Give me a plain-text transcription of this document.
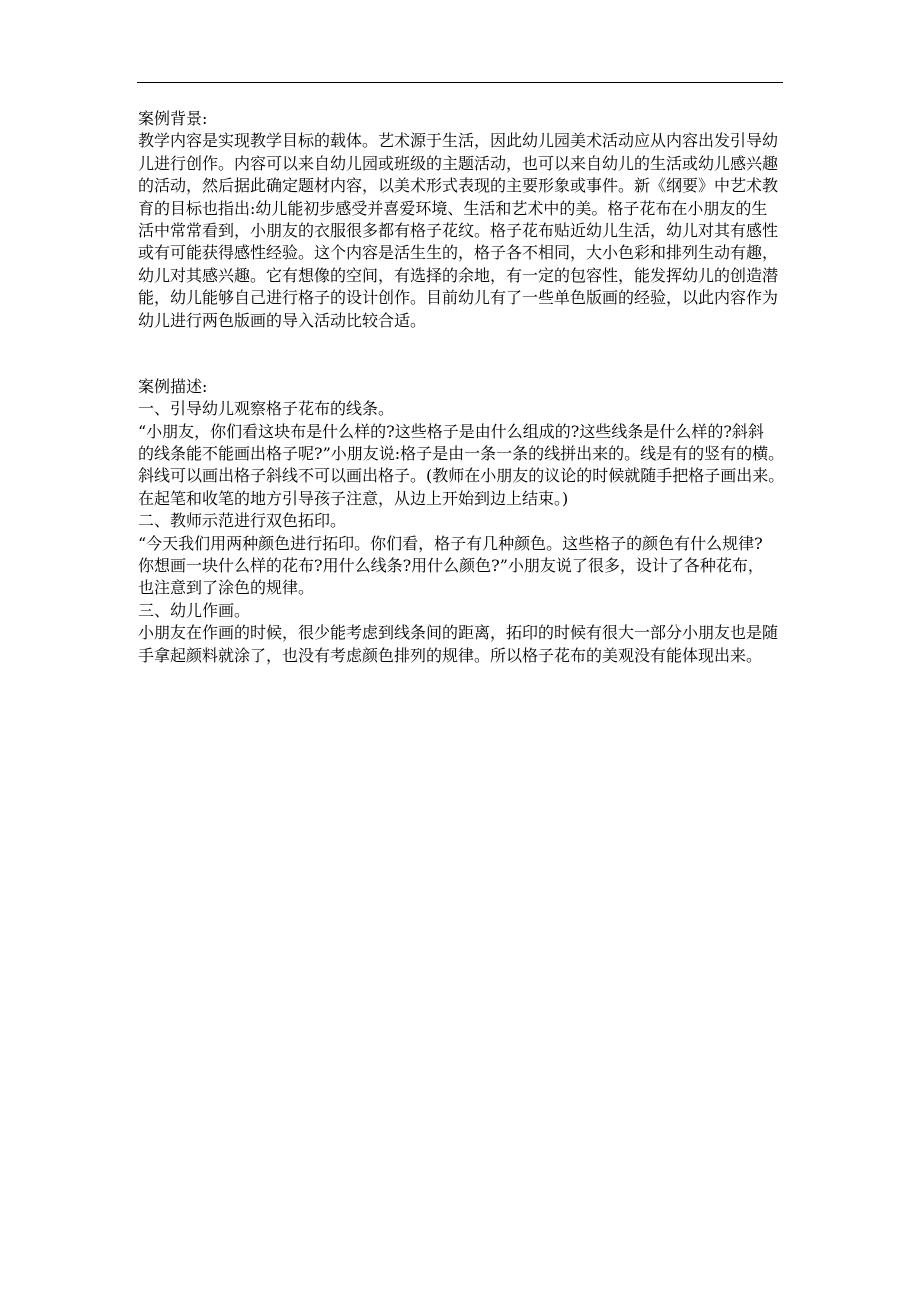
案例背景:
教学内容是实现教学目标的载体。艺术源于生活，因此幼儿园美术活动应从内容出发引导幼
儿进行创作。内容可以来自幼儿园或班级的主题活动，也可以来自幼儿的生活或幼儿感兴趣
的活动，然后据此确定题材内容，以美术形式表现的主要形象或事件。新《纲要》中艺术教
育的目标也指出:幼儿能初步感受并喜爱环境、生活和艺术中的美。格子花布在小朋友的生
活中常常看到，小朋友的衣服很多都有格子花纹。格子花布贴近幼儿生活，幼儿对其有感性
或有可能获得感性经验。这个内容是活生生的，格子各不相同，大小色彩和排列生动有趣，
幼儿对其感兴趣。它有想像的空间，有选择的余地，有一定的包容性，能发挥幼儿的创造潜
能，幼儿能够自己进行格子的设计创作。目前幼儿有了一些单色版画的经验，以此内容作为
幼儿进行两色版画的导入活动比较合适。
案例描述:
一、引导幼儿观察格子花布的线条。
“小朋友，你们看这块布是什么样的?这些格子是由什么组成的?这些线条是什么样的?斜斜
的线条能不能画出格子呢?”小朋友说:格子是由一条一条的线拼出来的。线是有的竖有的横。
斜线可以画出格子斜线不可以画出格子。(教师在小朋友的议论的时候就随手把格子画出来。
在起笔和收笔的地方引导孩子注意，从边上开始到边上结束。)
二、教师示范进行双色拓印。
“今天我们用两种颜色进行拓印。你们看，格子有几种颜色。这些格子的颜色有什么规律?
你想画一块什么样的花布?用什么线条?用什么颜色?”小朋友说了很多，设计了各种花布，
也注意到了涂色的规律。
三、幼儿作画。
小朋友在作画的时候，很少能考虑到线条间的距离，拓印的时候有很大一部分小朋友也是随
手拿起颜料就涂了，也没有考虑颜色排列的规律。所以格子花布的美观没有能体现出来。
